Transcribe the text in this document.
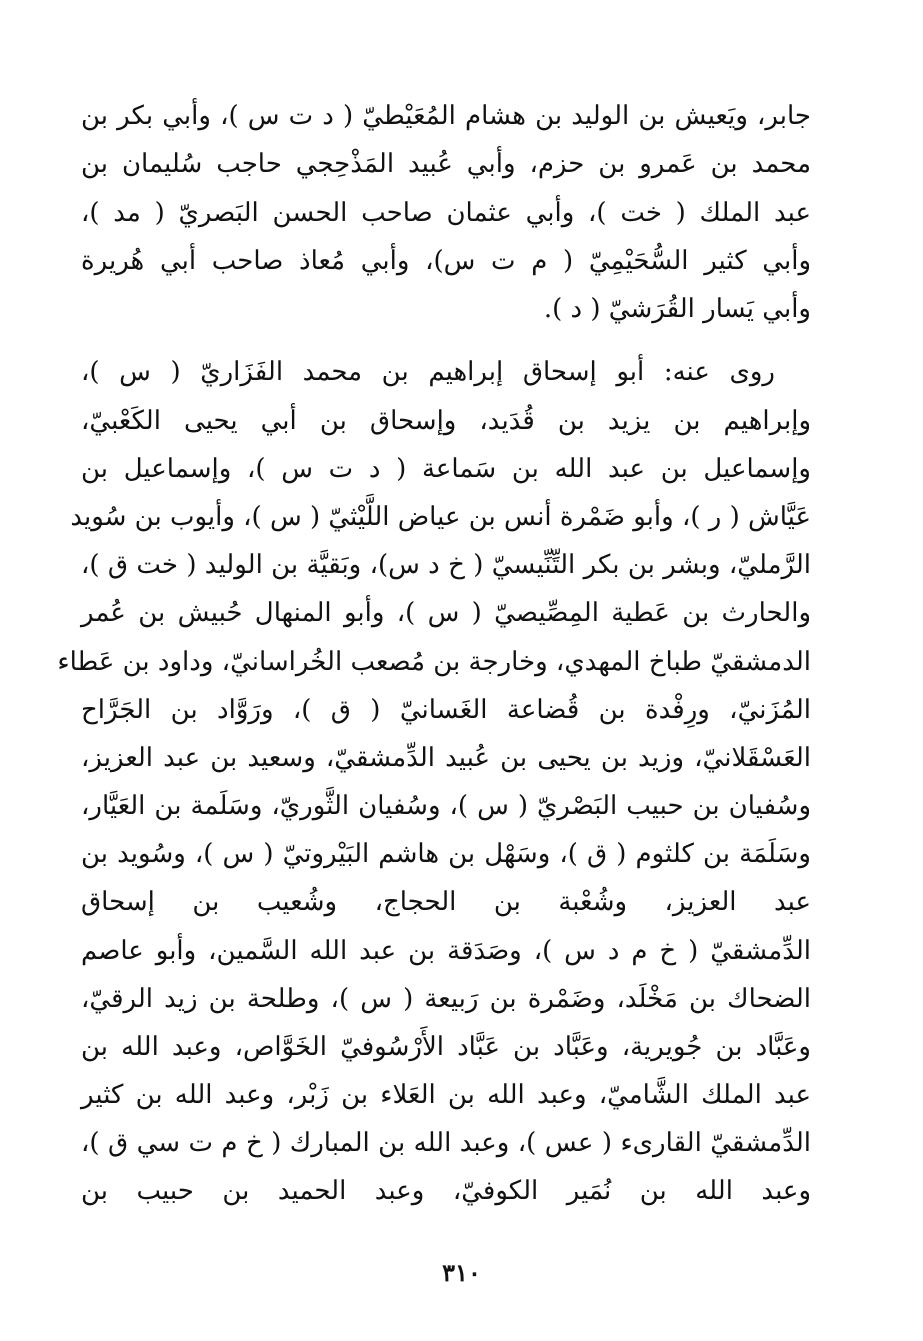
جابر، ويَعيش بن الوليد بن هشام المُعَيْطيّ ( د ت س )، وأبي بكر بن
محمد بن عَمرو بن حزم، وأبي عُبيد المَذْحِجي حاجب سُليمان بن
عبد الملك ( خت )، وأبي عثمان صاحب الحسن البَصريّ ( مد )،
وأبي كثير السُّحَيْمِيّ ( م ت س)، وأبي مُعاذ صاحب أبي هُريرة
وأبي يَسار القُرَشيّ ( د ).
روى عنه: أبو إسحاق إبراهيم بن محمد الفَزَاريّ ( س )،
وإبراهيم بن يزيد بن قُدَيد، وإسحاق بن أبي يحيى الكَعْبيّ،
وإسماعيل بن عبد الله بن سَماعة ( د ت س )، وإسماعيل بن
عَيَّاش ( ر )، وأبو ضَمْرة أنس بن عياض اللَّيْثيّ ( س )، وأيوب بن سُويد
الرَّمليّ، وبشر بن بكر التِّنِّيسيّ ( خ د س)، وبَقيَّة بن الوليد ( خت ق )،
والحارث بن عَطية المِصِّيصيّ ( س )، وأبو المنهال حُبيش بن عُمر
الدمشقيّ طباخ المهدي، وخارجة بن مُصعب الخُراسانيّ، وداود بن عَطاء
المُزَنيّ، ورِفْدة بن قُضاعة الغَسانيّ ( ق )، ورَوَّاد بن الجَرَّاح
العَسْقَلانيّ، وزيد بن يحيى بن عُبيد الدِّمشقيّ، وسعيد بن عبد العزيز،
وسُفيان بن حبيب البَصْريّ ( س )، وسُفيان الثَّوريّ، وسَلَمة بن العَيَّار،
وسَلَمَة بن كلثوم ( ق )، وسَهْل بن هاشم البَيْروتيّ ( س )، وسُويد بن
عبد العزيز، وشُعْبة بن الحجاج، وشُعيب بن إسحاق
الدِّمشقيّ ( خ م د س )، وصَدَقة بن عبد الله السَّمين، وأبو عاصم
الضحاك بن مَخْلَد، وضَمْرة بن رَبيعة ( س )، وطلحة بن زيد الرقيّ،
وعَبَّاد بن جُويرية، وعَبَّاد بن عَبَّاد الأَرْسُوفيّ الخَوَّاص، وعبد الله بن
عبد الملك الشَّاميّ، وعبد الله بن العَلاء بن زَبْر، وعبد الله بن كثير
الدِّمشقيّ القارىء ( عس )، وعبد الله بن المبارك ( خ م ت سي ق )،
وعبد الله بن نُمَير الكوفيّ، وعبد الحميد بن حبيب بن
٣١٠
